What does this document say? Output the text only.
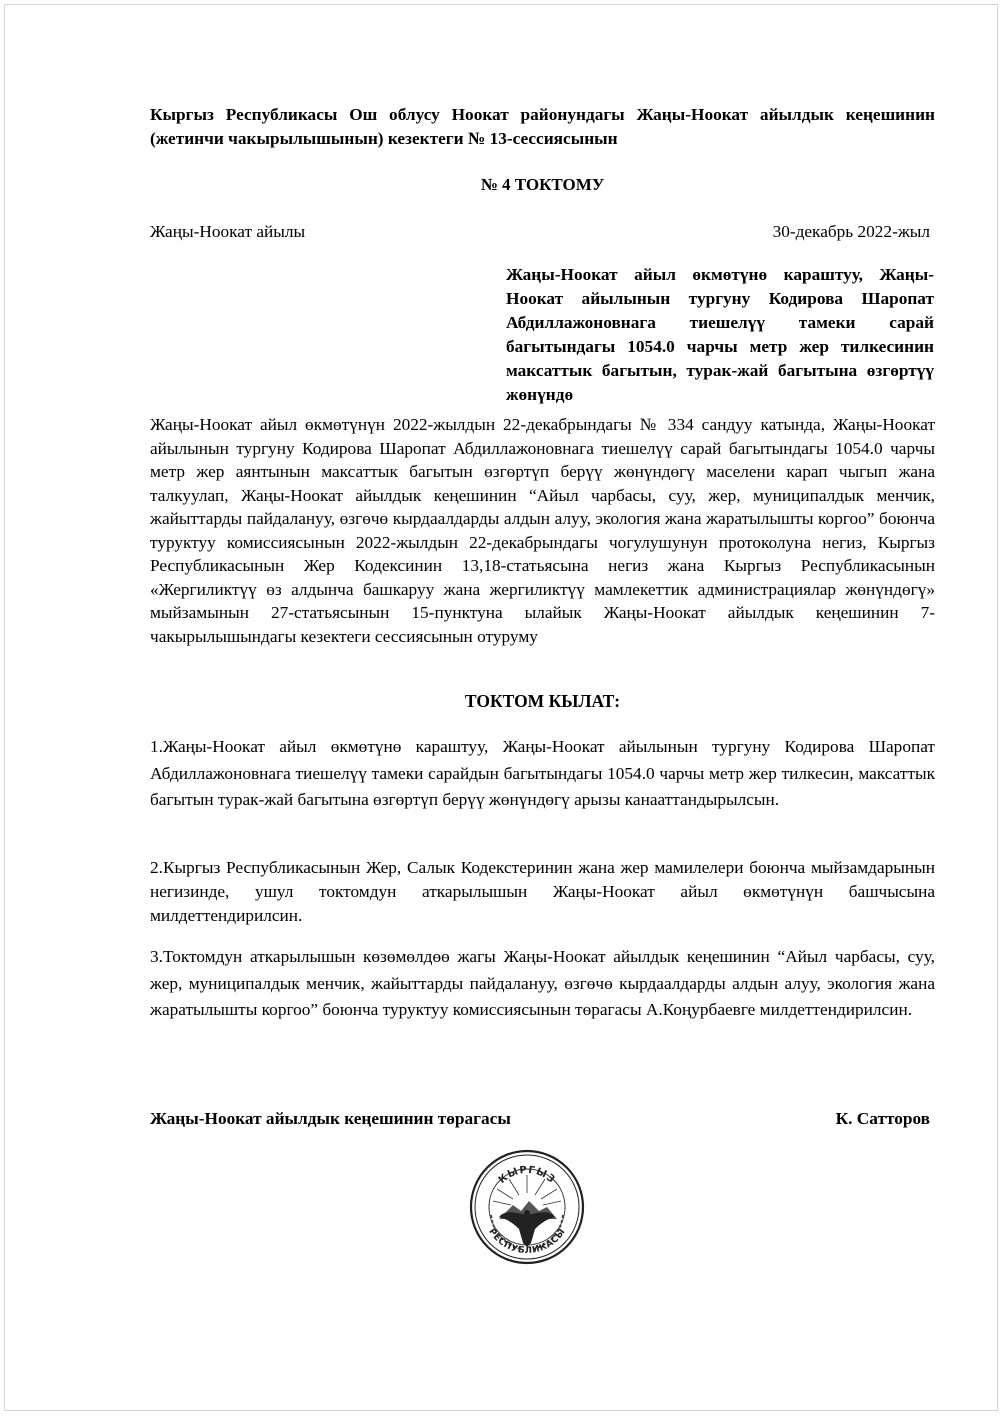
Кыргыз Республикасы Ош облусу Ноокат районундагы Жаңы-Ноокат айылдык кеңешинин (жетинчи чакырылышынын) кезектеги № 13-сессиясынын

№ 4 ТОКТОМУ

Жаңы-Ноокат айылы	30-декабрь 2022-жыл

Жаңы-Ноокат айыл өкмөтүнө караштуу, Жаңы-Ноокат айылынын тургуну Кодирова Шаропат Абдиллажоновнага тиешелүү тамеки сарай багытындагы 1054.0 чарчы метр жер тилкесинин максаттык багытын, турак-жай багытына өзгөртүү жөнүндө

Жаңы-Ноокат айыл өкмөтүнүн 2022-жылдын 22-декабрындагы № 334 сандуу катында, Жаңы-Ноокат айылынын тургуну Кодирова Шаропат Абдиллажоновнага тиешелүү сарай багытындагы 1054.0 чарчы метр жер аянтынын максаттык багытын өзгөртүп берүү жөнүндөгү маселени карап чыгып жана талкуулап, Жаңы-Ноокат айылдык кеңешинин “Айыл чарбасы, суу, жер, муниципалдык менчик, жайыттарды пайдалануу, өзгөчө кырдаалдарды алдын алуу, экология жана жаратылышты коргоо” боюнча туруктуу комиссиясынын 2022-жылдын 22-декабрындагы чогулушунун протоколуна негиз, Кыргыз Республикасынын Жер Кодексинин 13,18-статьясына негиз жана Кыргыз Республикасынын «Жергиликтүү өз алдынча башкаруу жана жергиликтүү мамлекеттик администрациялар жөнүндөгү» мыйзамынын 27-статьясынын 15-пунктуна ылайык Жаңы-Ноокат айылдык кеңешинин 7-чакырылышындагы кезектеги сессиясынын отуруму

ТОКТОМ КЫЛАТ:

1.Жаңы-Ноокат айыл өкмөтүнө караштуу, Жаңы-Ноокат айылынын тургуну Кодирова Шаропат Абдиллажоновнага тиешелүү тамеки сарайдын багытындагы 1054.0 чарчы метр жер тилкесин, максаттык багытын турак-жай багытына өзгөртүп берүү жөнүндөгү арызы канааттандырылсын.

2.Кыргыз Республикасынын Жер, Салык Кодекстеринин жана жер мамилелери боюнча мыйзамдарынын негизинде, ушул токтомдун аткарылышын Жаңы-Ноокат айыл өкмөтүнүн башчысына милдеттендирилсин.

3.Токтомдун аткарылышын көзөмөлдөө жагы Жаңы-Ноокат айылдык кеңешинин “Айыл чарбасы, суу, жер, муниципалдык менчик, жайыттарды пайдалануу, өзгөчө кырдаалдарды алдын алуу, экология жана жаратылышты коргоо” боюнча туруктуу комиссиясынын төрагасы А.Коңурбаевге милдеттендирилсин.

Жаңы-Ноокат айылдык кеңешинин төрагасы	К. Сатторов
КЫРГЫЗ
РЕСПУБЛИКАСЫ
